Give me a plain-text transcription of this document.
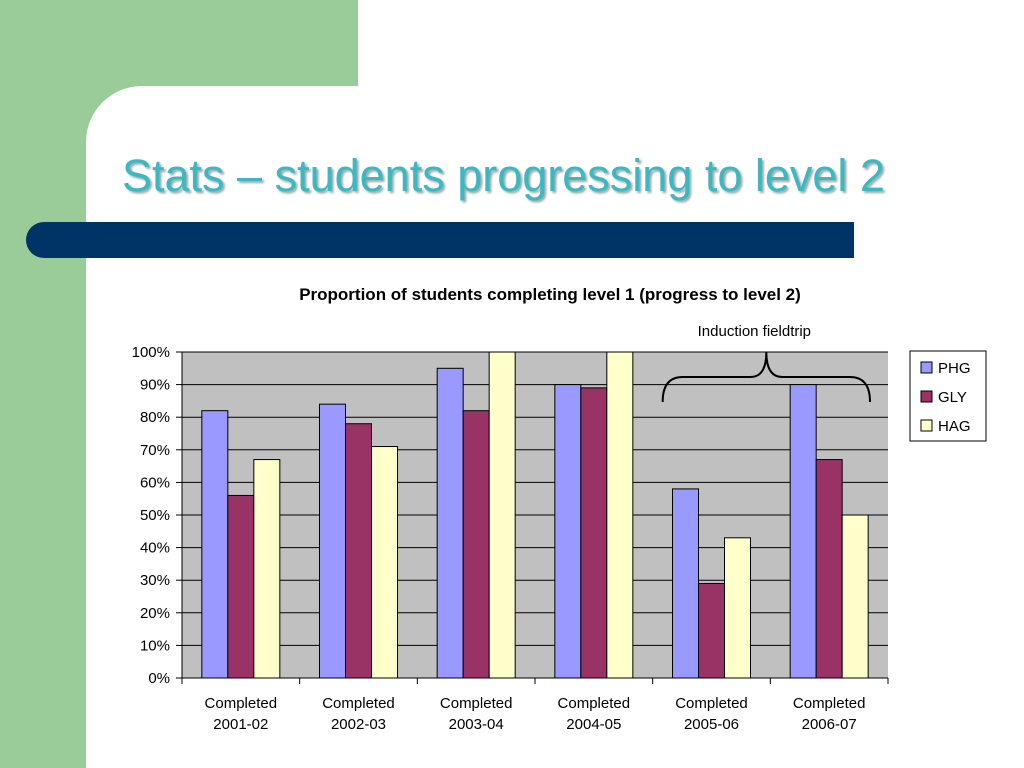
Stats – students progressing to level 2
Proportion of students completing level 1 (progress to level 2)
0%
10%
20%
30%
40%
50%
60%
70%
80%
90%
100%
Completed
2001-02
Completed
2002-03
Completed
2003-04
Completed
2004-05
Completed
2005-06
Completed
2006-07
PHG
GLY
HAG
Induction fieldtrip
